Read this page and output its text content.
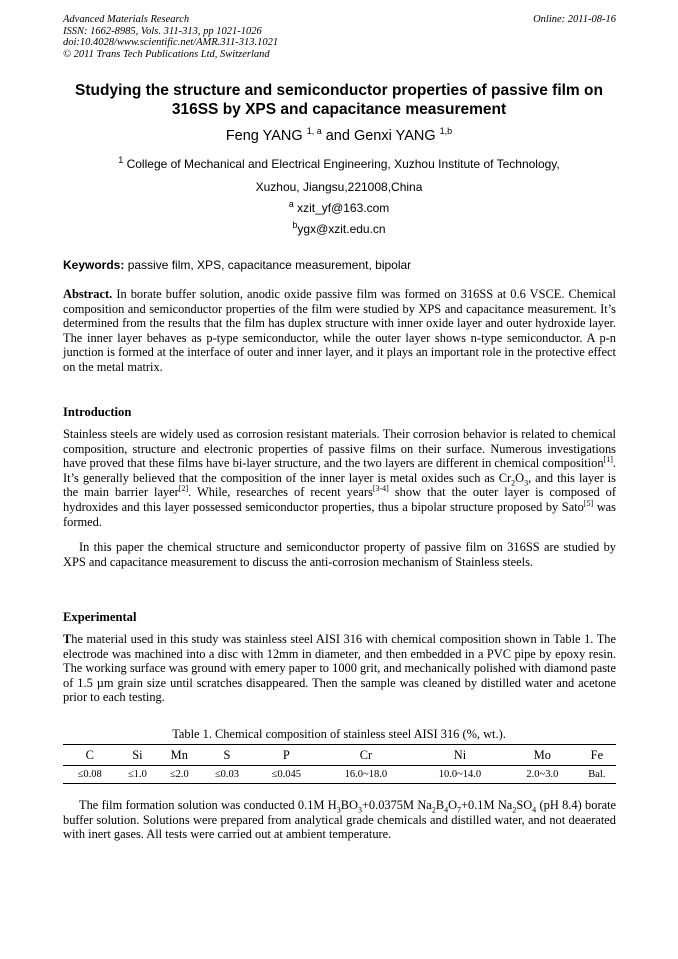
Advanced Materials Research
ISSN: 1662-8985, Vols. 311-313, pp 1021-1026
doi:10.4028/www.scientific.net/AMR.311-313.1021
© 2011 Trans Tech Publications Ltd, Switzerland
Online: 2011-08-16
Studying the structure and semiconductor properties of passive film on
316SS by XPS and capacitance measurement
Feng YANG $^{1, a}$ and Genxi YANG $^{1,b}$
$^1$ College of Mechanical and Electrical Engineering, Xuzhou Institute of Technology,
Xuzhou, Jiangsu,221008,China
$^a$ xzit_yf@163.com
$^b$ygx@xzit.edu.cn
Keywords: passive film, XPS, capacitance measurement, bipolar
Abstract. In borate buffer solution, anodic oxide passive film was formed on 316SS at 0.6 VSCE. Chemical composition and semiconductor properties of the film were studied by XPS and capacitance measurement. It’s determined from the results that the film has duplex structure with inner oxide layer and outer hydroxide layer. The inner layer behaves as p-type semiconductor, while the outer layer shows n-type semiconductor. A p-n junction is formed at the interface of outer and inner layer, and it plays an important role in the protective effect on the metal matrix.
Introduction
Stainless steels are widely used as corrosion resistant materials. Their corrosion behavior is related to chemical composition, structure and electronic properties of passive films on their surface. Numerous investigations have proved that these films have bi-layer structure, and the two layers are different in chemical composition[1]. It’s generally believed that the composition of the inner layer is metal oxides such as $Cr_2O_3$, and this layer is the main barrier layer[2]. While, researches of recent years[3-4] show that the outer layer is composed of hydroxides and this layer possessed semiconductor properties, thus a bipolar structure proposed by Sato[5] was formed.
In this paper the chemical structure and semiconductor property of passive film on 316SS are studied by XPS and capacitance measurement to discuss the anti-corrosion mechanism of Stainless steels.
Experimental
The material used in this study was stainless steel AISI 316 with chemical composition shown in Table 1. The electrode was machined into a disc with 12mm in diameter, and then embedded in a PVC pipe by epoxy resin. The working surface was ground with emery paper to 1000 grit, and mechanically polished with diamond paste of 1.5 µm grain size until scratches disappeared. Then the sample was cleaned by distilled water and acetone prior to each testing.
Table 1. Chemical composition of stainless steel AISI 316 (%, wt.).
C	Si	Mn	S	P	Cr	Ni	Mo	Fe
≤0.08	≤1.0	≤2.0	≤0.03	≤0.045	16.0~18.0	10.0~14.0	2.0~3.0	Bal.
The film formation solution was conducted 0.1M $H_3BO_3+0.0375M$ $Na_2B_4O_7+0.1M$ $Na_2SO_4$ (pH 8.4) borate buffer solution. Solutions were prepared from analytical grade chemicals and distilled water, and not deaerated with inert gases. All tests were carried out at ambient temperature.
